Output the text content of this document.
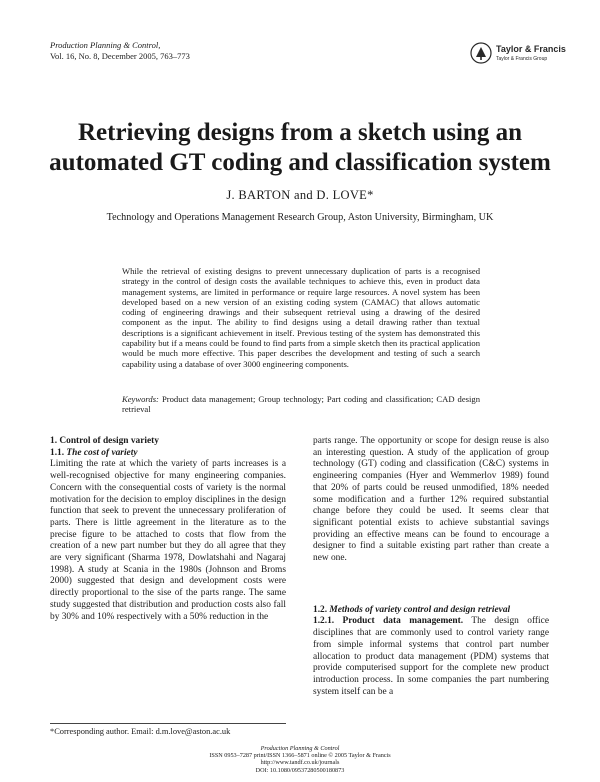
Production Planning & Control,
Vol. 16, No. 8, December 2005, 763–773
Taylor & Francis
Taylor & Francis Group
Retrieving designs from a sketch using an
automated GT coding and classification system
J. BARTON and D. LOVE*
Technology and Operations Management Research Group, Aston University, Birmingham, UK
While the retrieval of existing designs to prevent unnecessary duplication of parts is a recognised strategy in the control of design costs the available techniques to achieve this, even in product data management systems, are limited in performance or require large resources. A novel system has been developed based on a new version of an existing coding system (CAMAC) that allows automatic coding of engineering drawings and their subsequent retrieval using a drawing of the desired component as the input. The ability to find designs using a detail drawing rather than textual descriptions is a significant achievement in itself. Previous testing of the system has demonstrated this capability but if a means could be found to find parts from a simple sketch then its practical application would be much more effective. This paper describes the development and testing of such a search capability using a database of over 3000 engineering components.
Keywords: Product data management; Group technology; Part coding and classification; CAD design retrieval

1. Control of design variety

1.1. The cost of variety

Limiting the rate at which the variety of parts increases is a well-recognised objective for many engineering companies. Concern with the consequential costs of variety is the normal motivation for the decision to employ disciplines in the design function that seek to prevent the unnecessary proliferation of parts. There is little agreement in the literature as to the precise figure to be attached to costs that flow from the creation of a new part number but they do all agree that they are very significant (Sharma 1978, Dowlatshahi and Nagaraj 1998). A study at Scania in the 1980s (Johnson and Broms 2000) suggested that design and development costs were directly proportional to the sise of the parts range. The same study suggested that distribution and production costs also fall by 30% and 10% respectively with a 50% reduction in the

parts range. The opportunity or scope for design reuse is also an interesting question. A study of the application of group technology (GT) coding and classification (C&C) systems in engineering companies (Hyer and Wemmerlov 1989) found that 20% of parts could be reused unmodified, 18% needed some modification and a further 12% required substantial change before they could be used. It seems clear that significant potential exists to achieve substantial savings providing an effective means can be found to encourage a designer to find a suitable existing part rather than create a new one.

1.2. Methods of variety control and design retrieval

1.2.1. Product data management. The design office disciplines that are commonly used to control variety range from simple informal systems that control part number allocation to product data management (PDM) systems that provide computerised support for the complete new product introduction process. In some companies the part numbering system itself can be a

*Corresponding author. Email: d.m.love@aston.ac.uk
Production Planning & Control
ISSN 0953–7287 print/ISSN 1366–5871 online © 2005 Taylor & Francis
http://www.tandf.co.uk/journals
DOI: 10.1080/09537280500180873
